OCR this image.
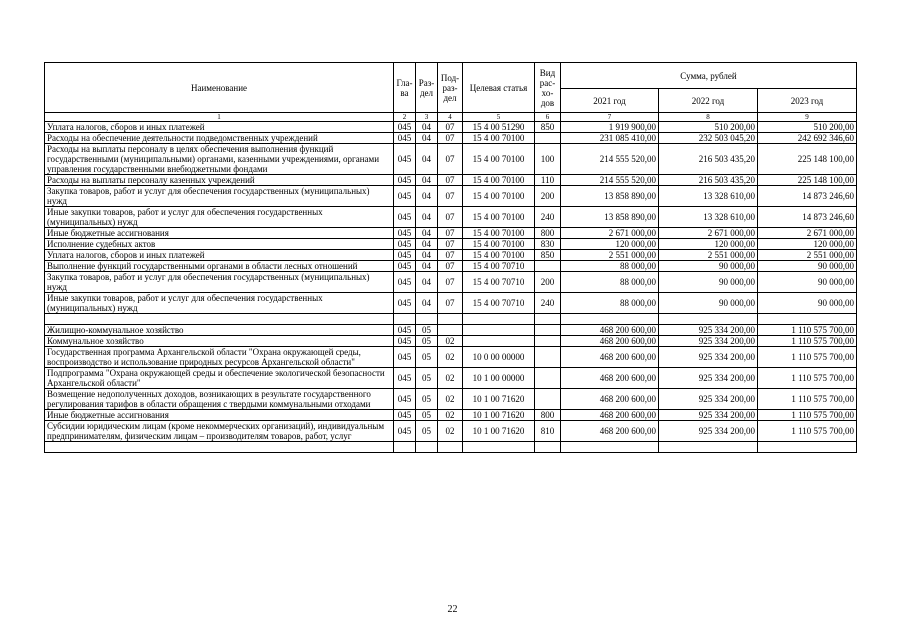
Наименование	Гла-ва	Раз-дел	Под-раз-дел	Целевая статья	Вид рас-хо-дов	Сумма, рублей		
						2021 год	2022 год	2023 год
1	2	3	4	5	6	7	8	9
Уплата налогов, сборов и иных платежей	045	04	07	15 4 00 51290	850	1 919 900,00	510 200,00	510 200,00
Расходы на обеспечение деятельности подведомственных учреждений	045	04	07	15 4 00 70100		231 085 410,00	232 503 045,20	242 692 346,60
Расходы на выплаты персоналу в целях обеспечения выполнения функций государственными (муниципальными) органами, казенными учреждениями, органами управления государственными внебюджетными фондами	045	04	07	15 4 00 70100	100	214 555 520,00	216 503 435,20	225 148 100,00
Расходы на выплаты персоналу казенных учреждений	045	04	07	15 4 00 70100	110	214 555 520,00	216 503 435,20	225 148 100,00
Закупка товаров, работ и услуг для обеспечения государственных (муниципальных) нужд	045	04	07	15 4 00 70100	200	13 858 890,00	13 328 610,00	14 873 246,60
Иные закупки товаров, работ и услуг для обеспечения государственных (муниципальных) нужд	045	04	07	15 4 00 70100	240	13 858 890,00	13 328 610,00	14 873 246,60
Иные бюджетные ассигнования	045	04	07	15 4 00 70100	800	2 671 000,00	2 671 000,00	2 671 000,00
Исполнение судебных актов	045	04	07	15 4 00 70100	830	120 000,00	120 000,00	120 000,00
Уплата налогов, сборов и иных платежей	045	04	07	15 4 00 70100	850	2 551 000,00	2 551 000,00	2 551 000,00
Выполнение функций государственными органами в области лесных отношений	045	04	07	15 4 00 70710		88 000,00	90 000,00	90 000,00
Закупка товаров, работ и услуг для обеспечения государственных (муниципальных) нужд	045	04	07	15 4 00 70710	200	88 000,00	90 000,00	90 000,00
Иные закупки товаров, работ и услуг для обеспечения государственных (муниципальных) нужд	045	04	07	15 4 00 70710	240	88 000,00	90 000,00	90 000,00

Жилищно-коммунальное хозяйство	045	05				468 200 600,00	925 334 200,00	1 110 575 700,00
Коммунальное хозяйство	045	05	02			468 200 600,00	925 334 200,00	1 110 575 700,00
Государственная программа Архангельской области "Охрана окружающей среды, воспроизводство и использование природных ресурсов Архангельской области"	045	05	02	10 0 00 00000		468 200 600,00	925 334 200,00	1 110 575 700,00
Подпрограмма "Охрана окружающей среды и обеспечение экологической безопасности Архангельской области"	045	05	02	10 1 00 00000		468 200 600,00	925 334 200,00	1 110 575 700,00
Возмещение недополученных доходов, возникающих в результате государственного регулирования тарифов в области обращения с твердыми коммунальными отходами	045	05	02	10 1 00 71620		468 200 600,00	925 334 200,00	1 110 575 700,00
Иные бюджетные ассигнования	045	05	02	10 1 00 71620	800	468 200 600,00	925 334 200,00	1 110 575 700,00
Субсидии юридическим лицам (кроме некоммерческих организаций), индивидуальным предпринимателям, физическим лицам – производителям товаров, работ, услуг	045	05	02	10 1 00 71620	810	468 200 600,00	925 334 200,00	1 110 575 700,00

22
